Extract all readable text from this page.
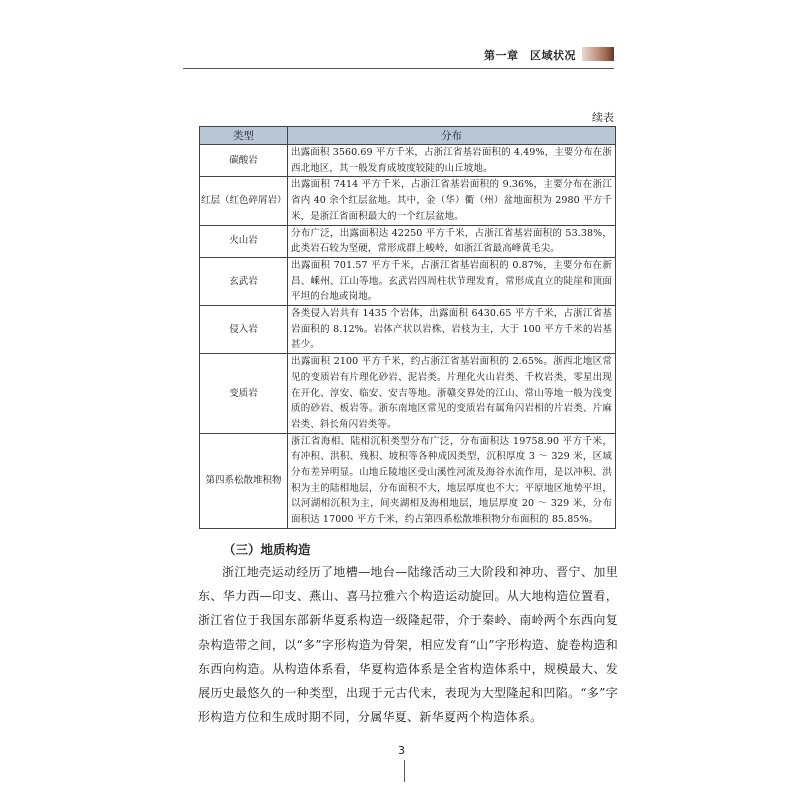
第一章　区域状况
续表
类型	分布
碳酸岩	出露面积 3560.69 平方千米，占浙江省基岩面积的 4.49%，主要分布在浙西北地区，其一般发育成坡度较陡的山丘坡地。
红层（红色碎屑岩）	出露面积 7414 平方千米，占浙江省基岩面积的 9.36%，主要分布在浙江省内 40 余个红层盆地。其中，金（华）衢（州）盆地面积为 2980 平方千米，是浙江省面积最大的一个红层盆地。
火山岩	分布广泛，出露面积达 42250 平方千米，占浙江省基岩面积的 53.38%，此类岩石较为坚硬，常形成群上峻岭，如浙江省最高峰黄毛尖。
玄武岩	出露面积 701.57 平方千米，占浙江省基岩面积的 0.87%，主要分布在新昌、嵊州、江山等地。玄武岩四周柱状节理发育，常形成直立的陡崖和顶面平坦的台地或岗地。
侵入岩	各类侵入岩共有 1435 个岩体，出露面积 6430.65 平方千米，占浙江省基岩面积的 8.12%。岩体产状以岩株、岩枝为主，大于 100 平方千米的岩基甚少。
变质岩	出露面积 2100 平方千米，约占浙江省基岩面积的 2.65%。浙西北地区常见的变质岩有片理化砂岩、泥岩类。片理化火山岩类、千枚岩类，零星出现在开化、淳安、临安、安吉等地。浙赣交界处的江山、常山等地一般为浅变质的砂岩、板岩等。浙东南地区常见的变质岩有属角闪岩相的片岩类、片麻岩类、斜长角闪岩类等。
第四系松散堆积物	浙江省海相、陆相沉积类型分布广泛，分布面积达 19758.90 平方千米，有冲积、洪积、残积、坡积等各种成因类型，沉积厚度 3 ～ 329 米，区域分布差异明显。山地丘陵地区受山溪性河流及海谷水流作用，是以冲积、洪积为主的陆相地层，分布面积不大，地层厚度也不大；平原地区地势平坦，以河湖相沉积为主，间夹湖相及海相地层，地层厚度 20 ～ 329 米，分布面积达 17000 平方千米，约占第四系松散堆积物分布面积的 85.85%。
（三）地质构造

浙江地壳运动经历了地槽—地台—陆缘活动三大阶段和神功、晋宁、加里东、华力西—印支、燕山、喜马拉雅六个构造运动旋回。从大地构造位置看，浙江省位于我国东部新华夏系构造一级隆起带，介于秦岭、南岭两个东西向复杂构造带之间，以“多”字形构造为骨架，相应发育“山”字形构造、旋卷构造和东西向构造。从构造体系看，华夏构造体系是全省构造体系中，规模最大、发展历史最悠久的一种类型，出现于元古代末，表现为大型隆起和凹陷。“多”字形构造方位和生成时期不同，分属华夏、新华夏两个构造体系。

3
